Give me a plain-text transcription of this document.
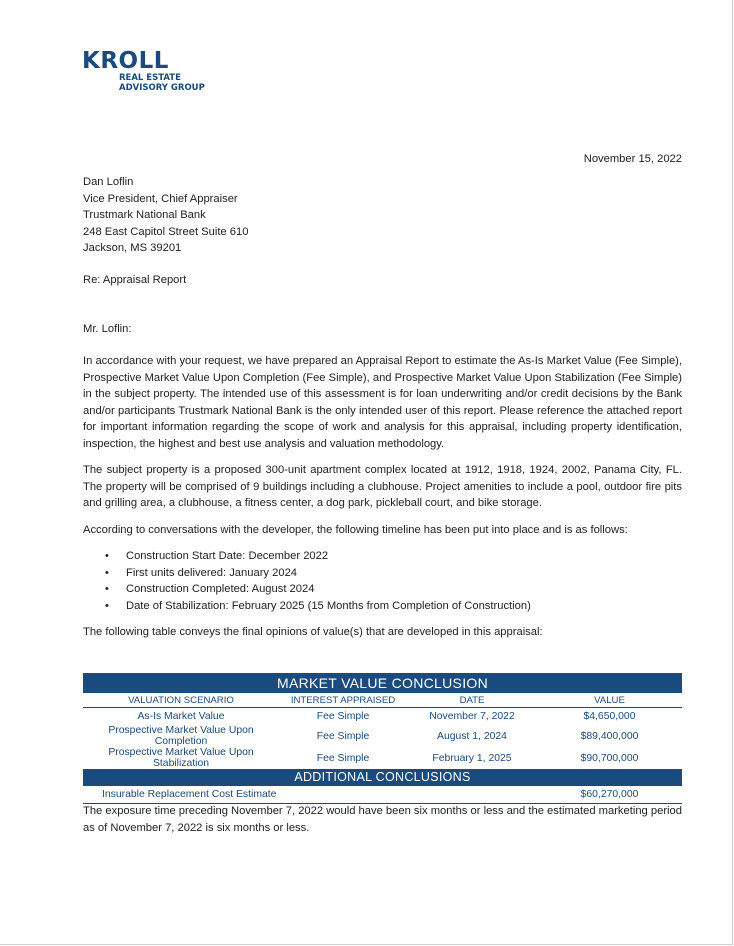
KROLL
REAL ESTATE
ADVISORY GROUP
November 15, 2022
Dan Loflin
Vice President, Chief Appraiser
Trustmark National Bank
248 East Capitol Street Suite 610
Jackson, MS 39201
Re: Appraisal Report
Mr. Loflin:

In accordance with your request, we have prepared an Appraisal Report to estimate the As-Is Market Value (Fee Simple), Prospective Market Value Upon Completion (Fee Simple), and Prospective Market Value Upon Stabilization (Fee Simple) in the subject property. The intended use of this assessment is for loan underwriting and/or credit decisions by the Bank and/or participants Trustmark National Bank is the only intended user of this report. Please reference the attached report for important information regarding the scope of work and analysis for this appraisal, including property identification, inspection, the highest and best use analysis and valuation methodology.

The subject property is a proposed 300-unit apartment complex located at 1912, 1918, 1924, 2002, Panama City, FL. The property will be comprised of 9 buildings including a clubhouse. Project amenities to include a pool, outdoor fire pits and grilling area, a clubhouse, a fitness center, a dog park, pickleball court, and bike storage.

According to conversations with the developer, the following timeline has been put into place and is as follows:

• Construction Start Date: December 2022
• First units delivered: January 2024
• Construction Completed: August 2024
• Date of Stabilization: February 2025 (15 Months from Completion of Construction)

The following table conveys the final opinions of value(s) that are developed in this appraisal:

MARKET VALUE CONCLUSION
VALUATION SCENARIO	INTEREST APPRAISED	DATE	VALUE
As-Is Market Value	Fee Simple	November 7, 2022	$4,650,000
Prospective Market Value Upon Completion	Fee Simple	August 1, 2024	$89,400,000
Prospective Market Value Upon Stabilization	Fee Simple	February 1, 2025	$90,700,000
ADDITIONAL CONCLUSIONS
Insurable Replacement Cost Estimate	$60,270,000
The exposure time preceding November 7, 2022 would have been six months or less and the estimated marketing period as of November 7, 2022 is six months or less.
